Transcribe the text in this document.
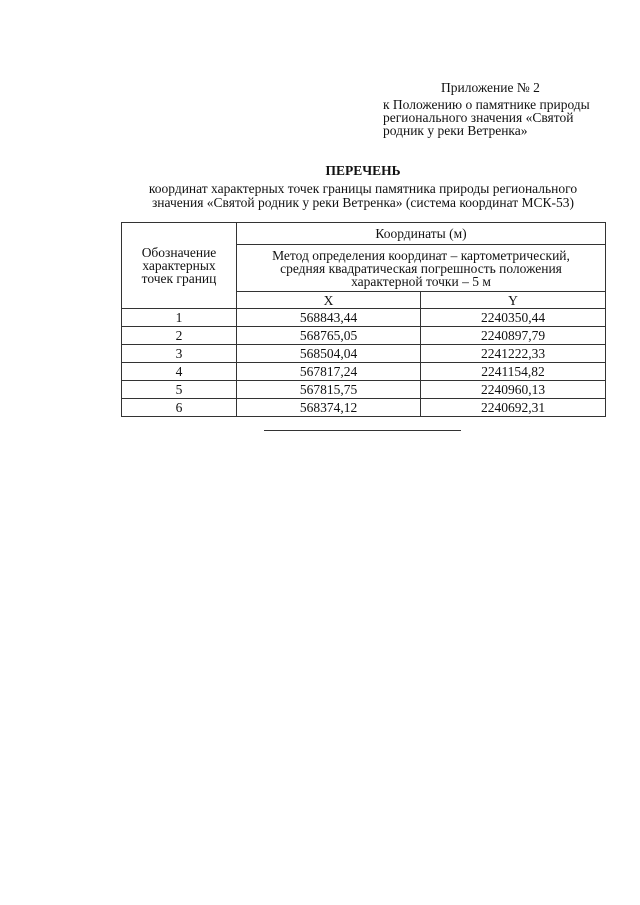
Приложение № 2
к Положению о памятнике природы
регионального значения «Святой
родник у реки Ветренка»
ПЕРЕЧЕНЬ
координат характерных точек границы памятника природы регионального
значения «Святой родник у реки Ветренка» (система координат МСК-53)
Обозначение
характерных
точек границ	Координаты (м)	

	Метод определения координат – картометрический,
средняя квадратическая погрешность положения
характерной точки – 5 м	

	X	Y
1	568843,44	2240350,44
2	568765,05	2240897,79
3	568504,04	2241222,33
4	567817,24	2241154,82
5	567815,75	2240960,13
6	568374,12	2240692,31
